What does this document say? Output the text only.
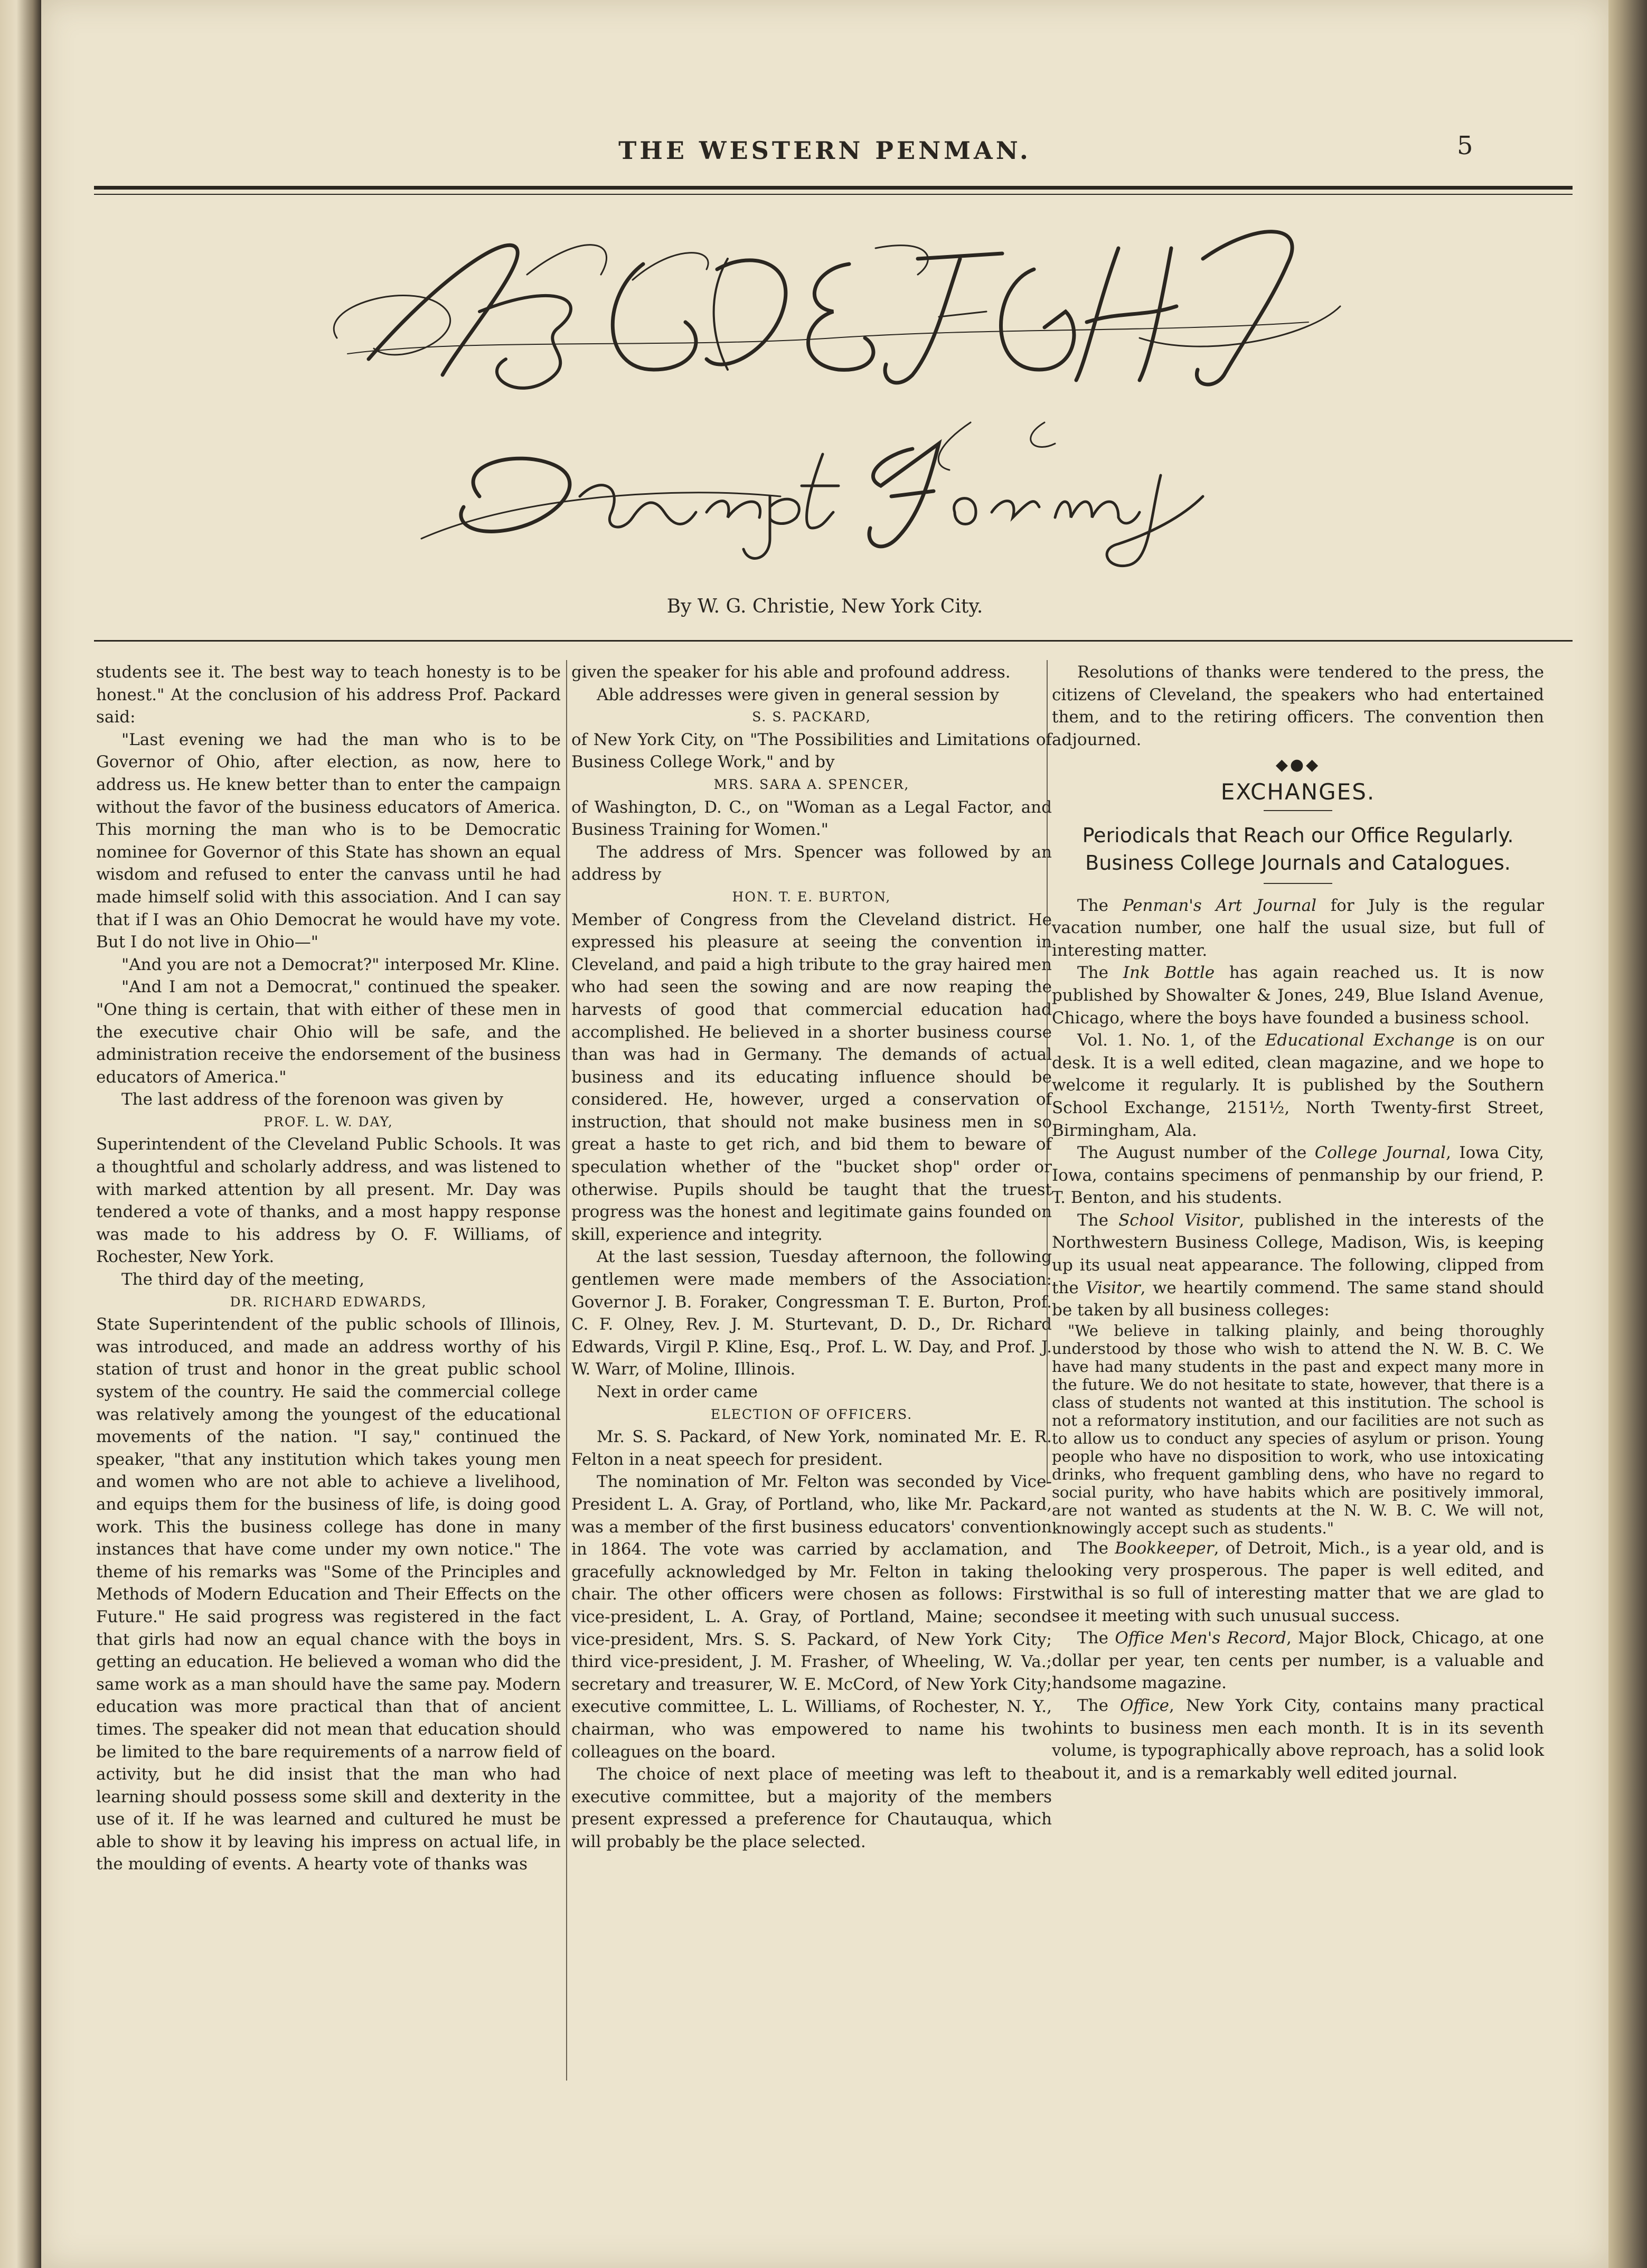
THE WESTERN PENMAN.	5
By W. G. Christie, New York City.

students see it. The best way to teach honesty is to be honest." At the conclusion of his address Prof. Packard said:

"Last evening we had the man who is to be Governor of Ohio, after election, as now, here to address us. He knew better than to enter the campaign without the favor of the business educators of America. This morning the man who is to be Democratic nominee for Governor of this State has shown an equal wisdom and refused to enter the canvass until he had made himself solid with this association. And I can say that if I was an Ohio Democrat he would have my vote. But I do not live in Ohio—"

"And you are not a Democrat?" interposed Mr. Kline.

"And I am not a Democrat," continued the speaker. "One thing is certain, that with either of these men in the executive chair Ohio will be safe, and the administration receive the endorsement of the business educators of America."

The last address of the forenoon was given by

PROF. L. W. DAY,

Superintendent of the Cleveland Public Schools. It was a thoughtful and scholarly address, and was listened to with marked attention by all present. Mr. Day was tendered a vote of thanks, and a most happy response was made to his address by O. F. Williams, of Rochester, New York.

The third day of the meeting,

DR. RICHARD EDWARDS,

State Superintendent of the public schools of Illinois, was introduced, and made an address worthy of his station of trust and honor in the great public school system of the country. He said the commercial college was relatively among the youngest of the educational movements of the nation. "I say," continued the speaker, "that any institution which takes young men and women who are not able to achieve a livelihood, and equips them for the business of life, is doing good work. This the business college has done in many instances that have come under my own notice." The theme of his remarks was "Some of the Principles and Methods of Modern Education and Their Effects on the Future." He said progress was registered in the fact that girls had now an equal chance with the boys in getting an education. He believed a woman who did the same work as a man should have the same pay. Modern education was more practical than that of ancient times. The speaker did not mean that education should be limited to the bare requirements of a narrow field of activity, but he did insist that the man who had learning should possess some skill and dexterity in the use of it. If he was learned and cultured he must be able to show it by leaving his impress on actual life, in the moulding of events. A hearty vote of thanks was

given the speaker for his able and profound address.

Able addresses were given in general session by

S. S. PACKARD,

of New York City, on "The Possibilities and Limitations of Business College Work," and by

MRS. SARA A. SPENCER,

of Washington, D. C., on "Woman as a Legal Factor, and Business Training for Women."

The address of Mrs. Spencer was followed by an address by

HON. T. E. BURTON,

Member of Congress from the Cleveland district. He expressed his pleasure at seeing the convention in Cleveland, and paid a high tribute to the gray haired men who had seen the sowing and are now reaping the harvests of good that commercial education had accomplished. He believed in a shorter business course than was had in Germany. The demands of actual business and its educating influence should be considered. He, however, urged a conservation of instruction, that should not make business men in so great a haste to get rich, and bid them to beware of speculation whether of the "bucket shop" order or otherwise. Pupils should be taught that the truest progress was the honest and legitimate gains founded on skill, experience and integrity.

At the last session, Tuesday afternoon, the following gentlemen were made members of the Association: Governor J. B. Foraker, Congressman T. E. Burton, Prof. C. F. Olney, Rev. J. M. Sturtevant, D. D., Dr. Richard Edwards, Virgil P. Kline, Esq., Prof. L. W. Day, and Prof. J. W. Warr, of Moline, Illinois.

Next in order came

ELECTION OF OFFICERS.

Mr. S. S. Packard, of New York, nominated Mr. E. R. Felton in a neat speech for president.

The nomination of Mr. Felton was seconded by Vice-President L. A. Gray, of Portland, who, like Mr. Packard, was a member of the first business educators' convention in 1864. The vote was carried by acclamation, and gracefully acknowledged by Mr. Felton in taking the chair. The other officers were chosen as follows: First vice-president, L. A. Gray, of Portland, Maine; second vice-president, Mrs. S. S. Packard, of New York City; third vice-president, J. M. Frasher, of Wheeling, W. Va.; secretary and treasurer, W. E. McCord, of New York City; executive committee, L. L. Williams, of Rochester, N. Y., chairman, who was empowered to name his two colleagues on the board.

The choice of next place of meeting was left to the executive committee, but a majority of the members present expressed a preference for Chautauqua, which will probably be the place selected.

Resolutions of thanks were tendered to the press, the citizens of Cleveland, the speakers who had entertained them, and to the retiring officers. The convention then adjourned.

◆●◆
EXCHANGES.
Periodicals that Reach our Office Regularly. Business College Journals and Catalogues.

The Penman's Art Journal for July is the regular vacation number, one half the usual size, but full of interesting matter.

The Ink Bottle has again reached us. It is now published by Showalter & Jones, 249, Blue Island Avenue, Chicago, where the boys have founded a business school.

Vol. 1. No. 1, of the Educational Exchange is on our desk. It is a well edited, clean magazine, and we hope to welcome it regularly. It is published by the Southern School Exchange, 2151½, North Twenty-first Street, Birmingham, Ala.

The August number of the College Journal, Iowa City, Iowa, contains specimens of penmanship by our friend, P. T. Benton, and his students.

The School Visitor, published in the interests of the Northwestern Business College, Madison, Wis, is keeping up its usual neat appearance. The following, clipped from the Visitor, we heartily commend. The same stand should be taken by all business colleges:

"We believe in talking plainly, and being thoroughly understood by those who wish to attend the N. W. B. C. We have had many students in the past and expect many more in the future. We do not hesitate to state, however, that there is a class of students not wanted at this institution. The school is not a reformatory institution, and our facilities are not such as to allow us to conduct any species of asylum or prison. Young people who have no disposition to work, who use intoxicating drinks, who frequent gambling dens, who have no regard to social purity, who have habits which are positively immoral, are not wanted as students at the N. W. B. C. We will not, knowingly accept such as students."

The Bookkeeper, of Detroit, Mich., is a year old, and is looking very prosperous. The paper is well edited, and withal is so full of interesting matter that we are glad to see it meeting with such unusual success.

The Office Men's Record, Major Block, Chicago, at one dollar per year, ten cents per number, is a valuable and handsome magazine.

The Office, New York City, contains many practical hints to business men each month. It is in its seventh volume, is typographically above reproach, has a solid look about it, and is a remarkably well edited journal.
